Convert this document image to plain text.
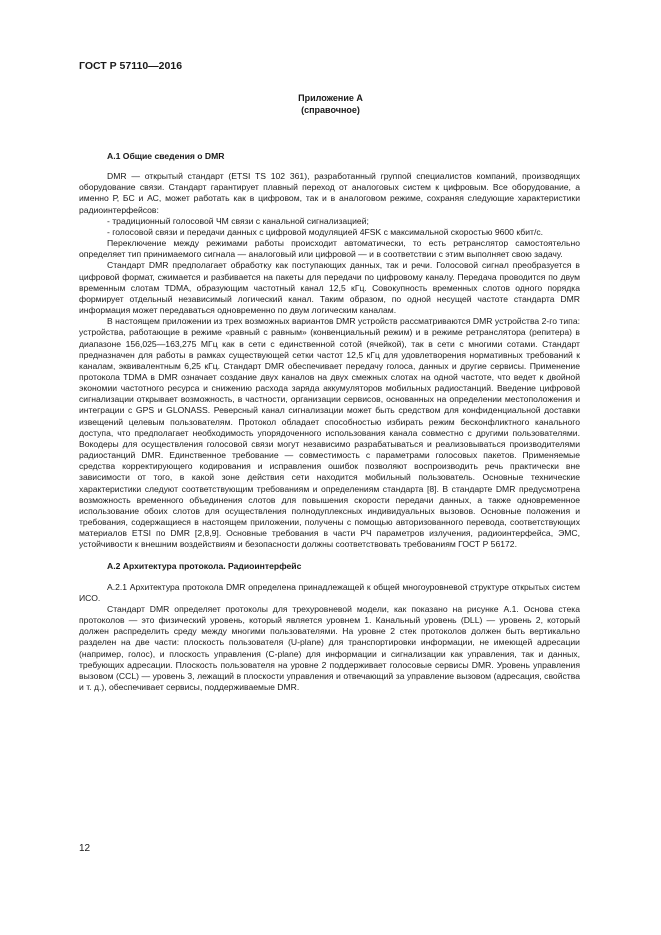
ГОСТ Р 57110—2016
Приложение А
(справочное)

А.1 Общие сведения о DMR

DMR — открытый стандарт (ETSI TS 102 361), разработанный группой специалистов компаний, производящих оборудование связи. Стандарт гарантирует плавный переход от аналоговых систем к цифровым. Все оборудование, а именно Р, БС и АС, может работать как в цифровом, так и в аналоговом режиме, сохраняя следующие характеристики радиоинтерфейсов:

- традиционный голосовой ЧМ связи с канальной сигнализацией;

- голосовой связи и передачи данных с цифровой модуляцией 4FSK с максимальной скоростью 9600 кбит/с.

Переключение между режимами работы происходит автоматически, то есть ретранслятор самостоятельно определяет тип принимаемого сигнала — аналоговый или цифровой — и в соответствии с этим выполняет свою задачу.

Стандарт DMR предполагает обработку как поступающих данных, так и речи. Голосовой сигнал преобразуется в цифровой формат, сжимается и разбивается на пакеты для передачи по цифровому каналу. Передача проводится по двум временным слотам TDMA, образующим частотный канал 12,5 кГц. Совокупность временных слотов одного порядка формирует отдельный независимый логический канал. Таким образом, по одной несущей частоте стандарта DMR информация может передаваться одновременно по двум логическим каналам.

В настоящем приложении из трех возможных вариантов DMR устройств рассматриваются DMR устройства 2-го типа: устройства, работающие в режиме «равный с равным» (конвенциальный режим) и в режиме ретранслятора (репитера) в диапазоне 156,025—163,275 МГц как в сети с единственной сотой (ячейкой), так в сети с многими сотами. Стандарт предназначен для работы в рамках существующей сетки частот 12,5 кГц для удовлетворения нормативных требований к каналам, эквивалентным 6,25 кГц. Стандарт DMR обеспечивает передачу голоса, данных и другие сервисы. Применение протокола TDMA в DMR означает создание двух каналов на двух смежных слотах на одной частоте, что ведет к двойной экономии частотного ресурса и снижению расхода заряда аккумуляторов мобильных радиостанций. Введение цифровой сигнализации открывает возможность, в частности, организации сервисов, основанных на определении местоположения и интеграции с GPS и GLONASS. Реверсный канал сигнализации может быть средством для конфиденциальной доставки извещений целевым пользователям. Протокол обладает способностью избирать режим бесконфликтного канального доступа, что предполагает необходимость упорядоченного использования канала совместно с другими пользователями. Вокодеры для осуществления голосовой связи могут независимо разрабатываться и реализовываться производителями радиостанций DMR. Единственное требование — совместимость с параметрами голосовых пакетов. Применяемые средства корректирующего кодирования и исправления ошибок позволяют воспроизводить речь практически вне зависимости от того, в какой зоне действия сети находится мобильный пользователь. Основные технические характеристики следуют соответствующим требованиям и определениям стандарта [8]. В стандарте DMR предусмотрена возможность временного объединения слотов для повышения скорости передачи данных, а также одновременное использование обоих слотов для осуществления полнодуплексных индивидуальных вызовов. Основные положения и требования, содержащиеся в настоящем приложении, получены с помощью авторизованного перевода, соответствующих материалов ETSI по DMR [2,8,9]. Основные требования в части РЧ параметров излучения, радиоинтерфейса, ЭМС, устойчивости к внешним воздействиям и безопасности должны соответствовать требованиям ГОСТ Р 56172.

А.2 Архитектура протокола. Радиоинтерфейс

А.2.1 Архитектура протокола DMR определена принадлежащей к общей многоуровневой структуре открытых систем ИСО.

Стандарт DMR определяет протоколы для трехуровневой модели, как показано на рисунке А.1. Основа стека протоколов — это физический уровень, который является уровнем 1. Канальный уровень (DLL) — уровень 2, который должен распределить среду между многими пользователями. На уровне 2 стек протоколов должен быть вертикально разделен на две части: плоскость пользователя (U-plane) для транспортировки информации, не имеющей адресации (например, голос), и плоскость управления (C-plane) для информации и сигнализации как управления, так и данных, требующих адресации. Плоскость пользователя на уровне 2 поддерживает голосовые сервисы DMR. Уровень управления вызовом (CCL) — уровень 3, лежащий в плоскости управления и отвечающий за управление вызовом (адресация, свойства и т. д.), обеспечивает сервисы, поддерживаемые DMR.

12
